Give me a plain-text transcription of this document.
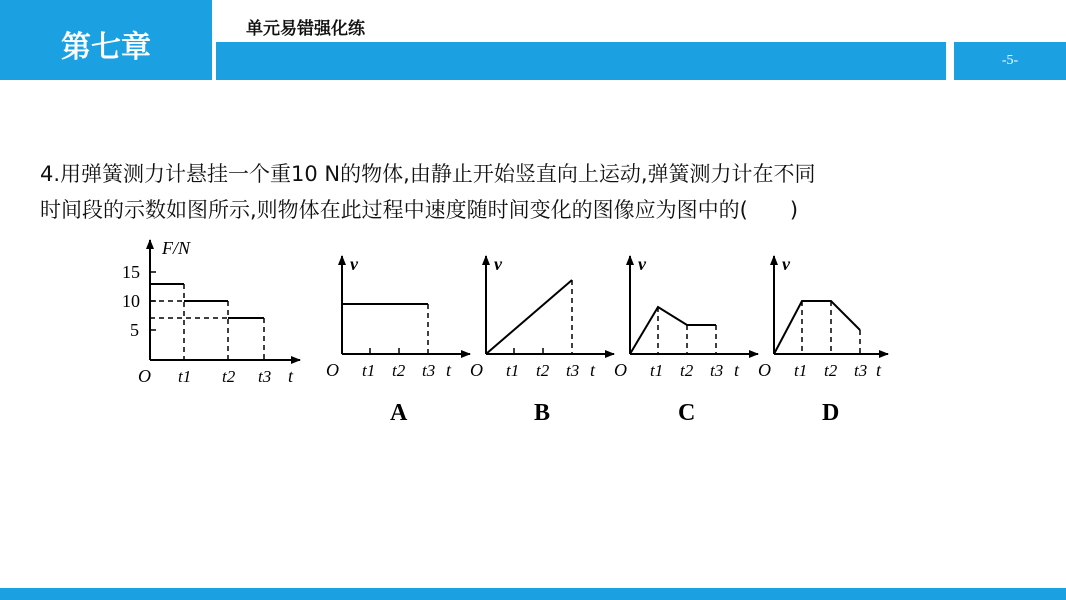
第七章
单元易错强化练
-5-
4.用弹簧测力计悬挂一个重10 N的物体,由静止开始竖直向上运动,弹簧测力计在不同
时间段的示数如图所示,则物体在此过程中速度随时间变化的图像应为图中的(　　)
F/N
15
10
5
O t1 t2 t3 t
v
O t1 t2 t3 t
A
v
O t1 t2 t3 t
B
v
O t1 t2 t3 t
C
v
O t1 t2 t3 t
D
